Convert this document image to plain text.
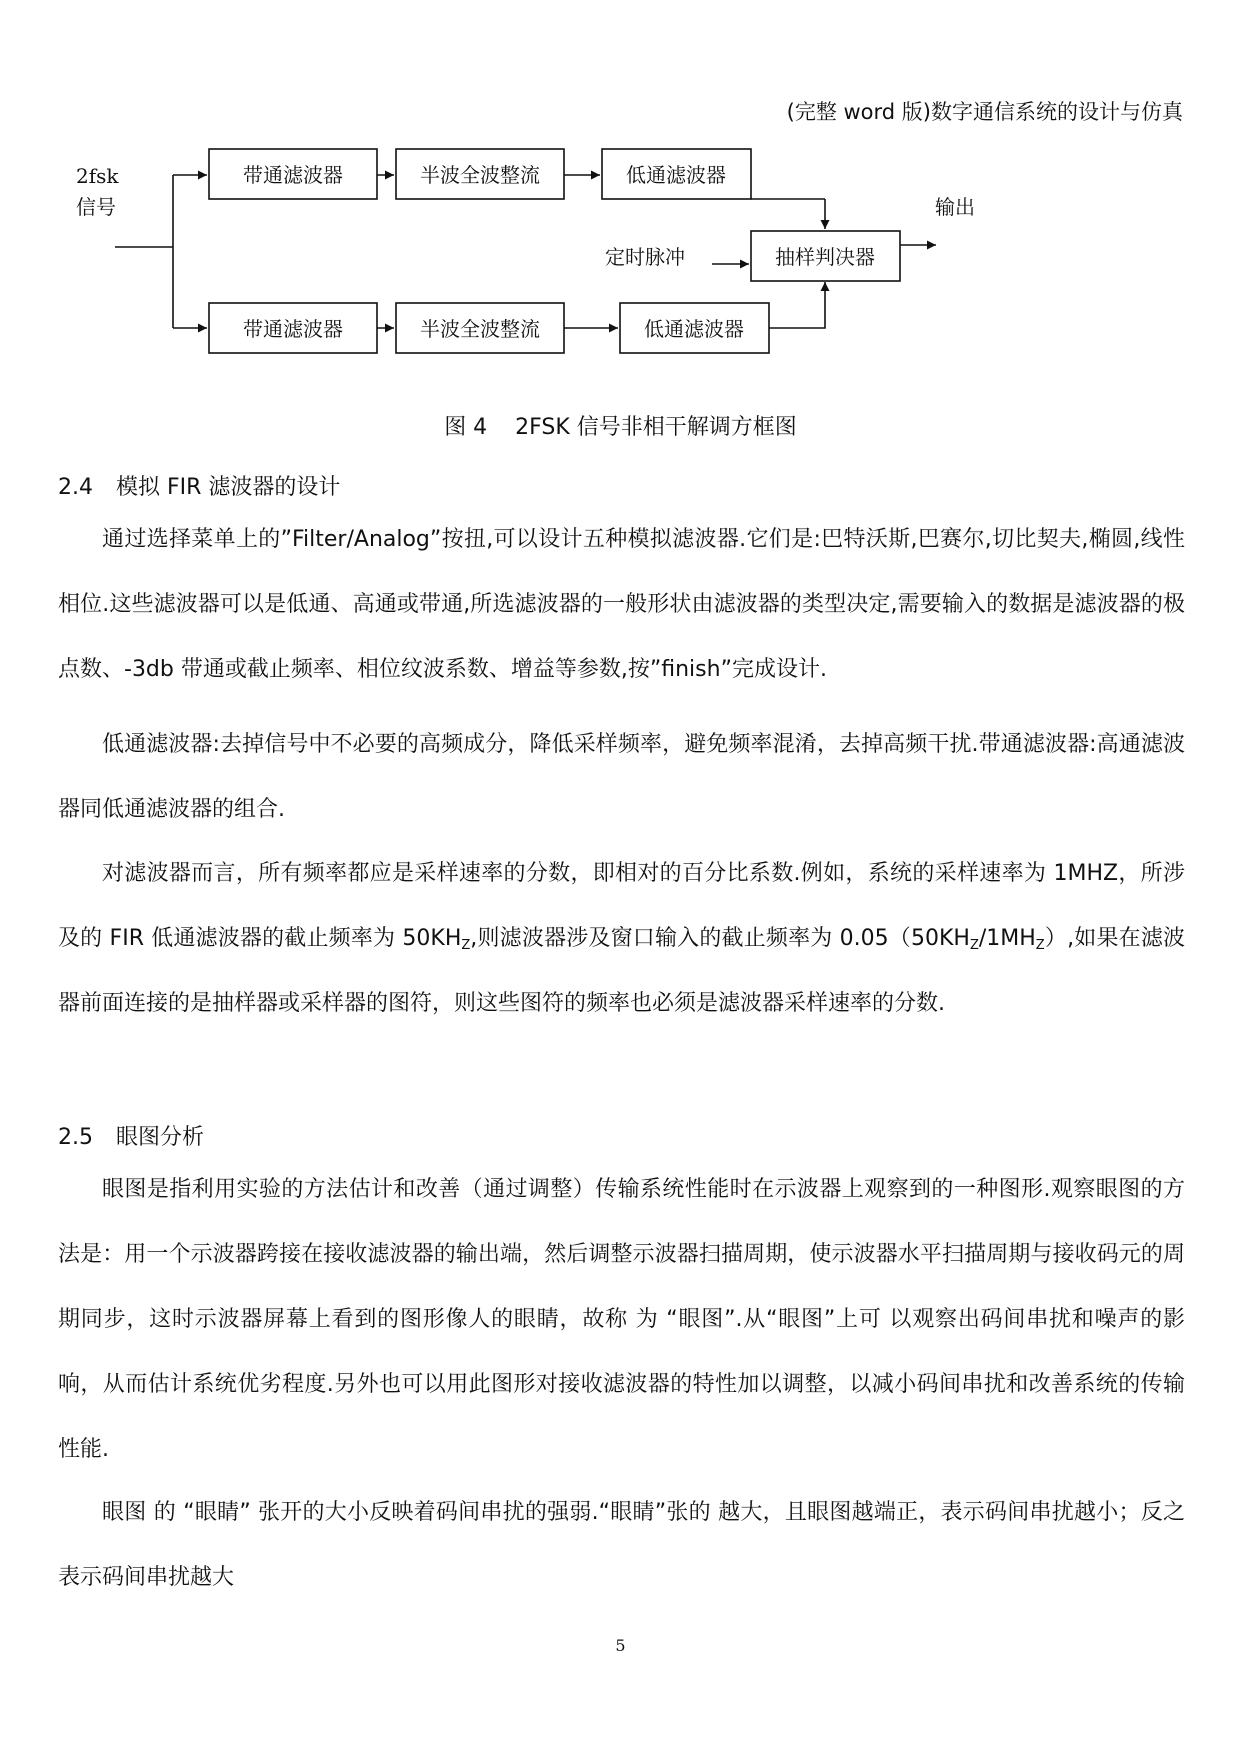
(完整 word 版)数字通信系统的设计与仿真
2fsk
信号
带通滤波器	半波全波整流	低通滤波器
带通滤波器	半波全波整流	低通滤波器
抽样判决器
定时脉冲
输出
图 4    2FSK 信号非相干解调方框图
2.4 模拟 FIR 滤波器的设计

通过选择菜单上的”Filter/Analog”按扭,可以设计五种模拟滤波器.它们是:巴特沃斯,巴赛尔,切比契夫,椭圆,线性相位.这些滤波器可以是低通、高通或带通,所选滤波器的一般形状由滤波器的类型决定,需要输入的数据是滤波器的极点数、-3db 带通或截止频率、相位纹波系数、增益等参数,按”finish”完成设计.

低通滤波器:去掉信号中不必要的高频成分，降低采样频率，避免频率混淆，去掉高频干扰.带通滤波器:高通滤波器同低通滤波器的组合.

对滤波器而言，所有频率都应是采样速率的分数，即相对的百分比系数.例如，系统的采样速率为 1MHZ，所涉及的 FIR 低通滤波器的截止频率为 $50KH_Z$,则滤波器涉及窗口输入的截止频率为 $0.05(50KH_Z/1MH_Z)$,如果在滤波器前面连接的是抽样器或采样器的图符，则这些图符的频率也必须是滤波器采样速率的分数.

2.5 眼图分析

眼图是指利用实验的方法估计和改善（通过调整）传输系统性能时在示波器上观察到的一种图形.观察眼图的方法是：用一个示波器跨接在接收滤波器的输出端，然后调整示波器扫描周期，使示波器水平扫描周期与接收码元的周期同步，这时示波器屏幕上看到的图形像人的眼睛，故称 为 “眼图”.从“眼图”上可 以观察出码间串扰和噪声的影响，从而估计系统优劣程度.另外也可以用此图形对接收滤波器的特性加以调整，以减小码间串扰和改善系统的传输性能.

眼图 的 “眼睛” 张开的大小反映着码间串扰的强弱.“眼睛”张的 越大，且眼图越端正，表示码间串扰越小；反之表示码间串扰越大

5
